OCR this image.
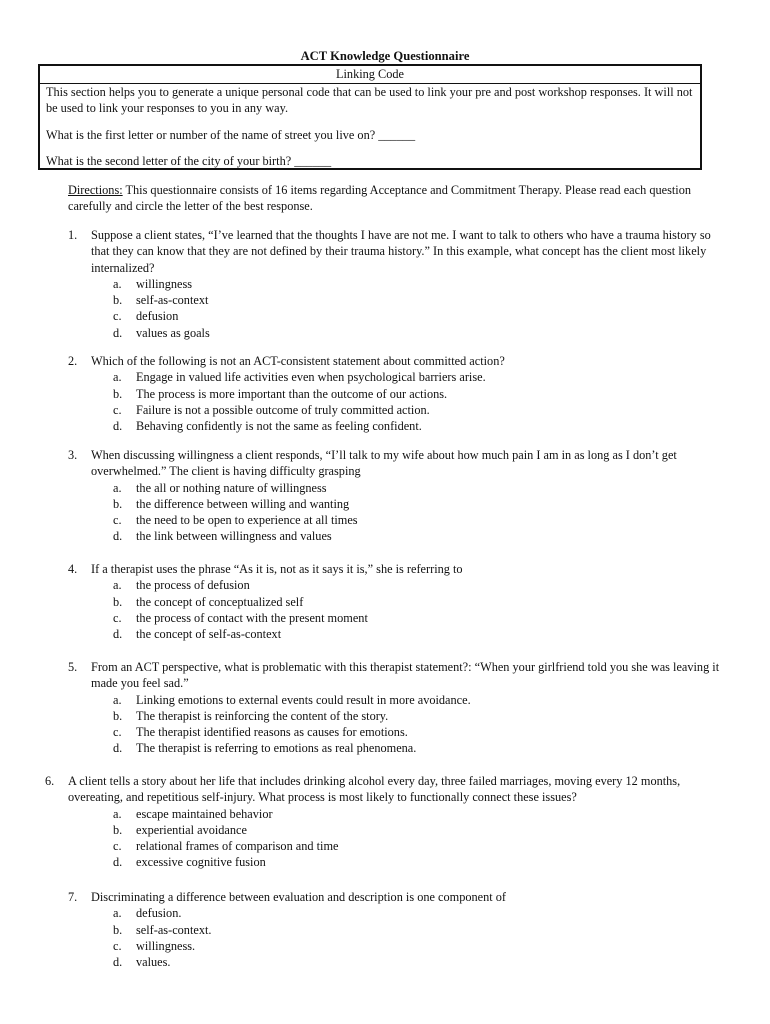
ACT Knowledge Questionnaire
Linking Code

This section helps you to generate a unique personal code that can be used to link your pre and post workshop responses. It will not be used to link your responses to you in any way.

What is the first letter or number of the name of street you live on? ______

What is the second letter of the city of your birth? ______

Directions: This questionnaire consists of 16 items regarding Acceptance and Commitment Therapy. Please read each question carefully and circle the letter of the best response.
1. Suppose a client states, “I’ve learned that the thoughts I have are not me. I want to talk to others who have a trauma history so that they can know that they are not defined by their trauma history.” In this example, what concept has the client most likely internalized?
a. willingness
b. self-as-context
c. defusion
d. values as goals
2. Which of the following is not an ACT-consistent statement about committed action?
a. Engage in valued life activities even when psychological barriers arise.
b. The process is more important than the outcome of our actions.
c. Failure is not a possible outcome of truly committed action.
d. Behaving confidently is not the same as feeling confident.
3. When discussing willingness a client responds, “I’ll talk to my wife about how much pain I am in as long as I don’t get overwhelmed.” The client is having difficulty grasping
a. the all or nothing nature of willingness
b. the difference between willing and wanting
c. the need to be open to experience at all times
d. the link between willingness and values
4. If a therapist uses the phrase “As it is, not as it says it is,” she is referring to
a. the process of defusion
b. the concept of conceptualized self
c. the process of contact with the present moment
d. the concept of self-as-context
5. From an ACT perspective, what is problematic with this therapist statement?: “When your girlfriend told you she was leaving it made you feel sad.”
a. Linking emotions to external events could result in more avoidance.
b. The therapist is reinforcing the content of the story.
c. The therapist identified reasons as causes for emotions.
d. The therapist is referring to emotions as real phenomena.
6. A client tells a story about her life that includes drinking alcohol every day, three failed marriages, moving every 12 months, overeating, and repetitious self-injury. What process is most likely to functionally connect these issues?
a. escape maintained behavior
b. experiential avoidance
c. relational frames of comparison and time
d. excessive cognitive fusion
7. Discriminating a difference between evaluation and description is one component of
a. defusion.
b. self-as-context.
c. willingness.
d. values.
